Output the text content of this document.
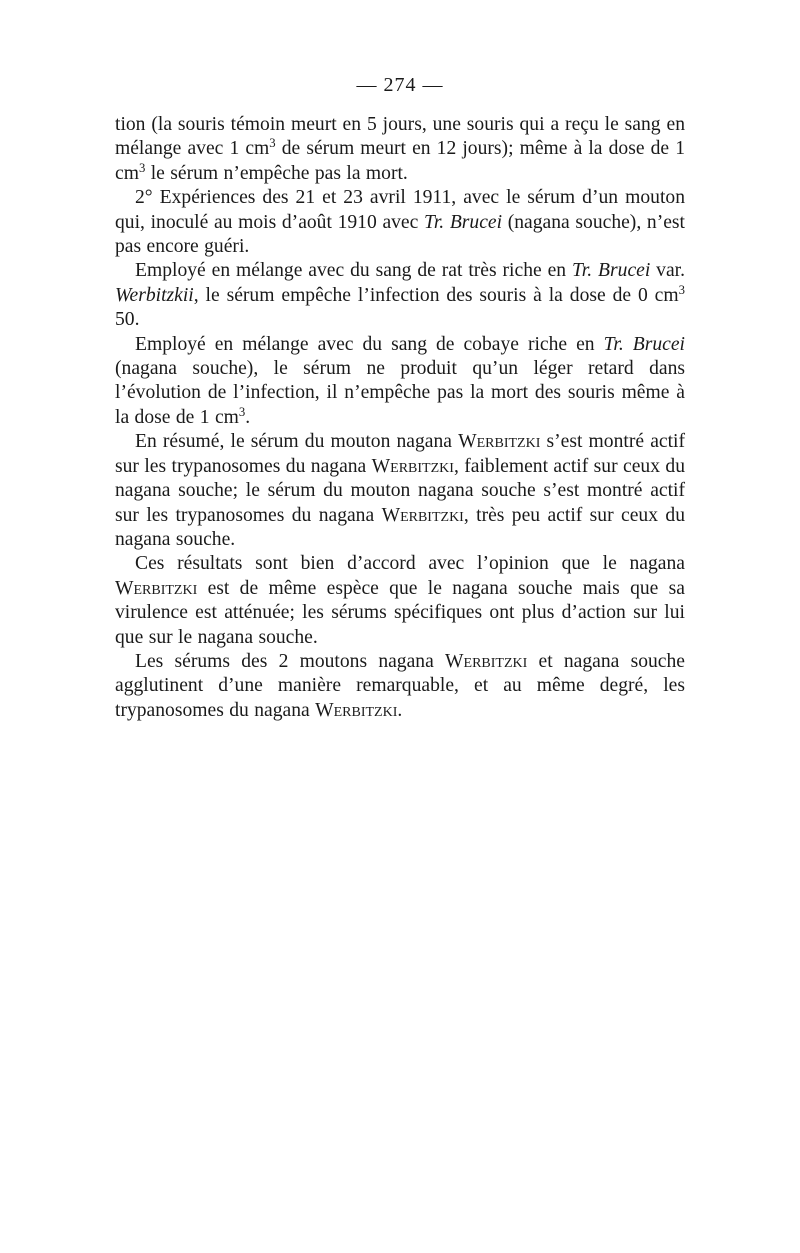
— 274 —

tion (la souris témoin meurt en 5 jours, une souris qui a reçu le sang en mélange avec 1 $cm^3$ de sérum meurt en 12 jours); même à la dose de 1 $cm^3$ le sérum n’empêche pas la mort.

2° Expériences des 21 et 23 avril 1911, avec le sérum d’un mouton qui, inoculé au mois d’août 1910 avec Tr. Brucei (nagana souche), n’est pas encore guéri.

Employé en mélange avec du sang de rat très riche en Tr. Brucei var. Werbitzkii, le sérum empêche l’infection des souris à la dose de 0 $cm^3$ 50.

Employé en mélange avec du sang de cobaye riche en Tr. Brucei (nagana souche), le sérum ne produit qu’un léger retard dans l’évolution de l’infection, il n’empêche pas la mort des souris même à la dose de 1 $cm^3$.

En résumé, le sérum du mouton nagana Werbitzki s’est montré actif sur les trypanosomes du nagana Werbitzki, faiblement actif sur ceux du nagana souche; le sérum du mouton nagana souche s’est montré actif sur les trypanosomes du nagana Werbitzki, très peu actif sur ceux du nagana souche.

Ces résultats sont bien d’accord avec l’opinion que le nagana Werbitzki est de même espèce que le nagana souche mais que sa virulence est atténuée; les sérums spécifiques ont plus d’action sur lui que sur le nagana souche.

Les sérums des 2 moutons nagana Werbitzki et nagana souche agglutinent d’une manière remarquable, et au même degré, les trypanosomes du nagana Werbitzki.
